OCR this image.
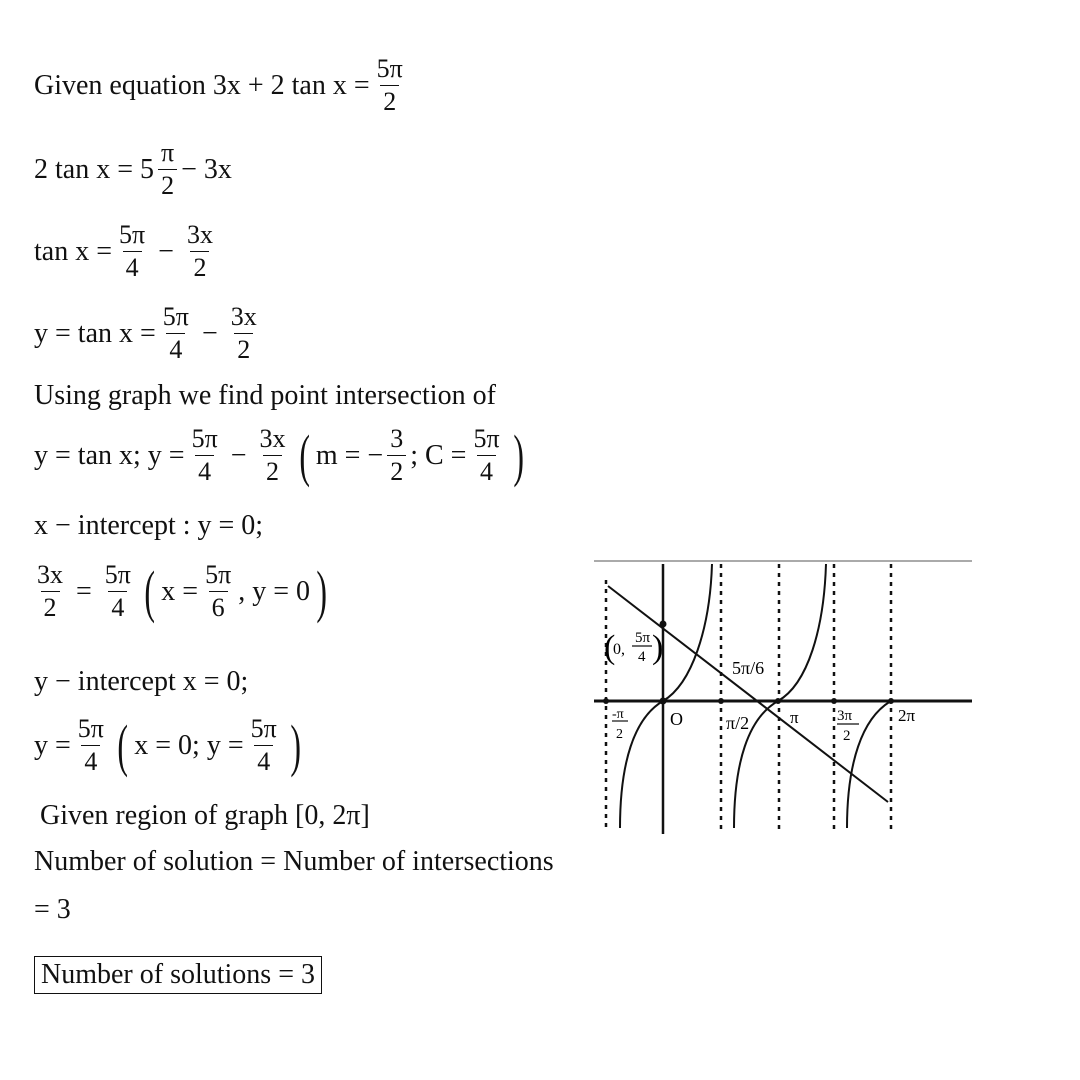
Given equation 3x + 2 $\tan x = \frac{5\pi}{2}$
2 $\tan x = 5 \frac{\pi}{2} - 3x$
$\tan x = \frac{5\pi}{4} - \frac{3x}{2}$
$y = \tan x = \frac{5\pi}{4} - \frac{3x}{2}$
Using graph we find point intersection of
y = tan x; $y = \frac{5\pi}{4} - \frac{3x}{2}$ ( m = − $\frac{3}{2}$ ; $C = \frac{5\pi}{4}$ )
x − intercept : y = 0;
$\frac{3x}{2} = \frac{5\pi}{4}$ ( $x = \frac{5\pi}{6}$ , y = 0 )
y − intercept x = 0;
$y = \frac{5\pi}{4}$ ( x = 0; $y = \frac{5\pi}{4}$ )
Given region of graph [0, 2π]
Number of solution = Number of intersections
= 3
Number of solutions = 3
(
0,
5π
4 )
5π/6
-π
2
O π/2 π	3π
2
2π
